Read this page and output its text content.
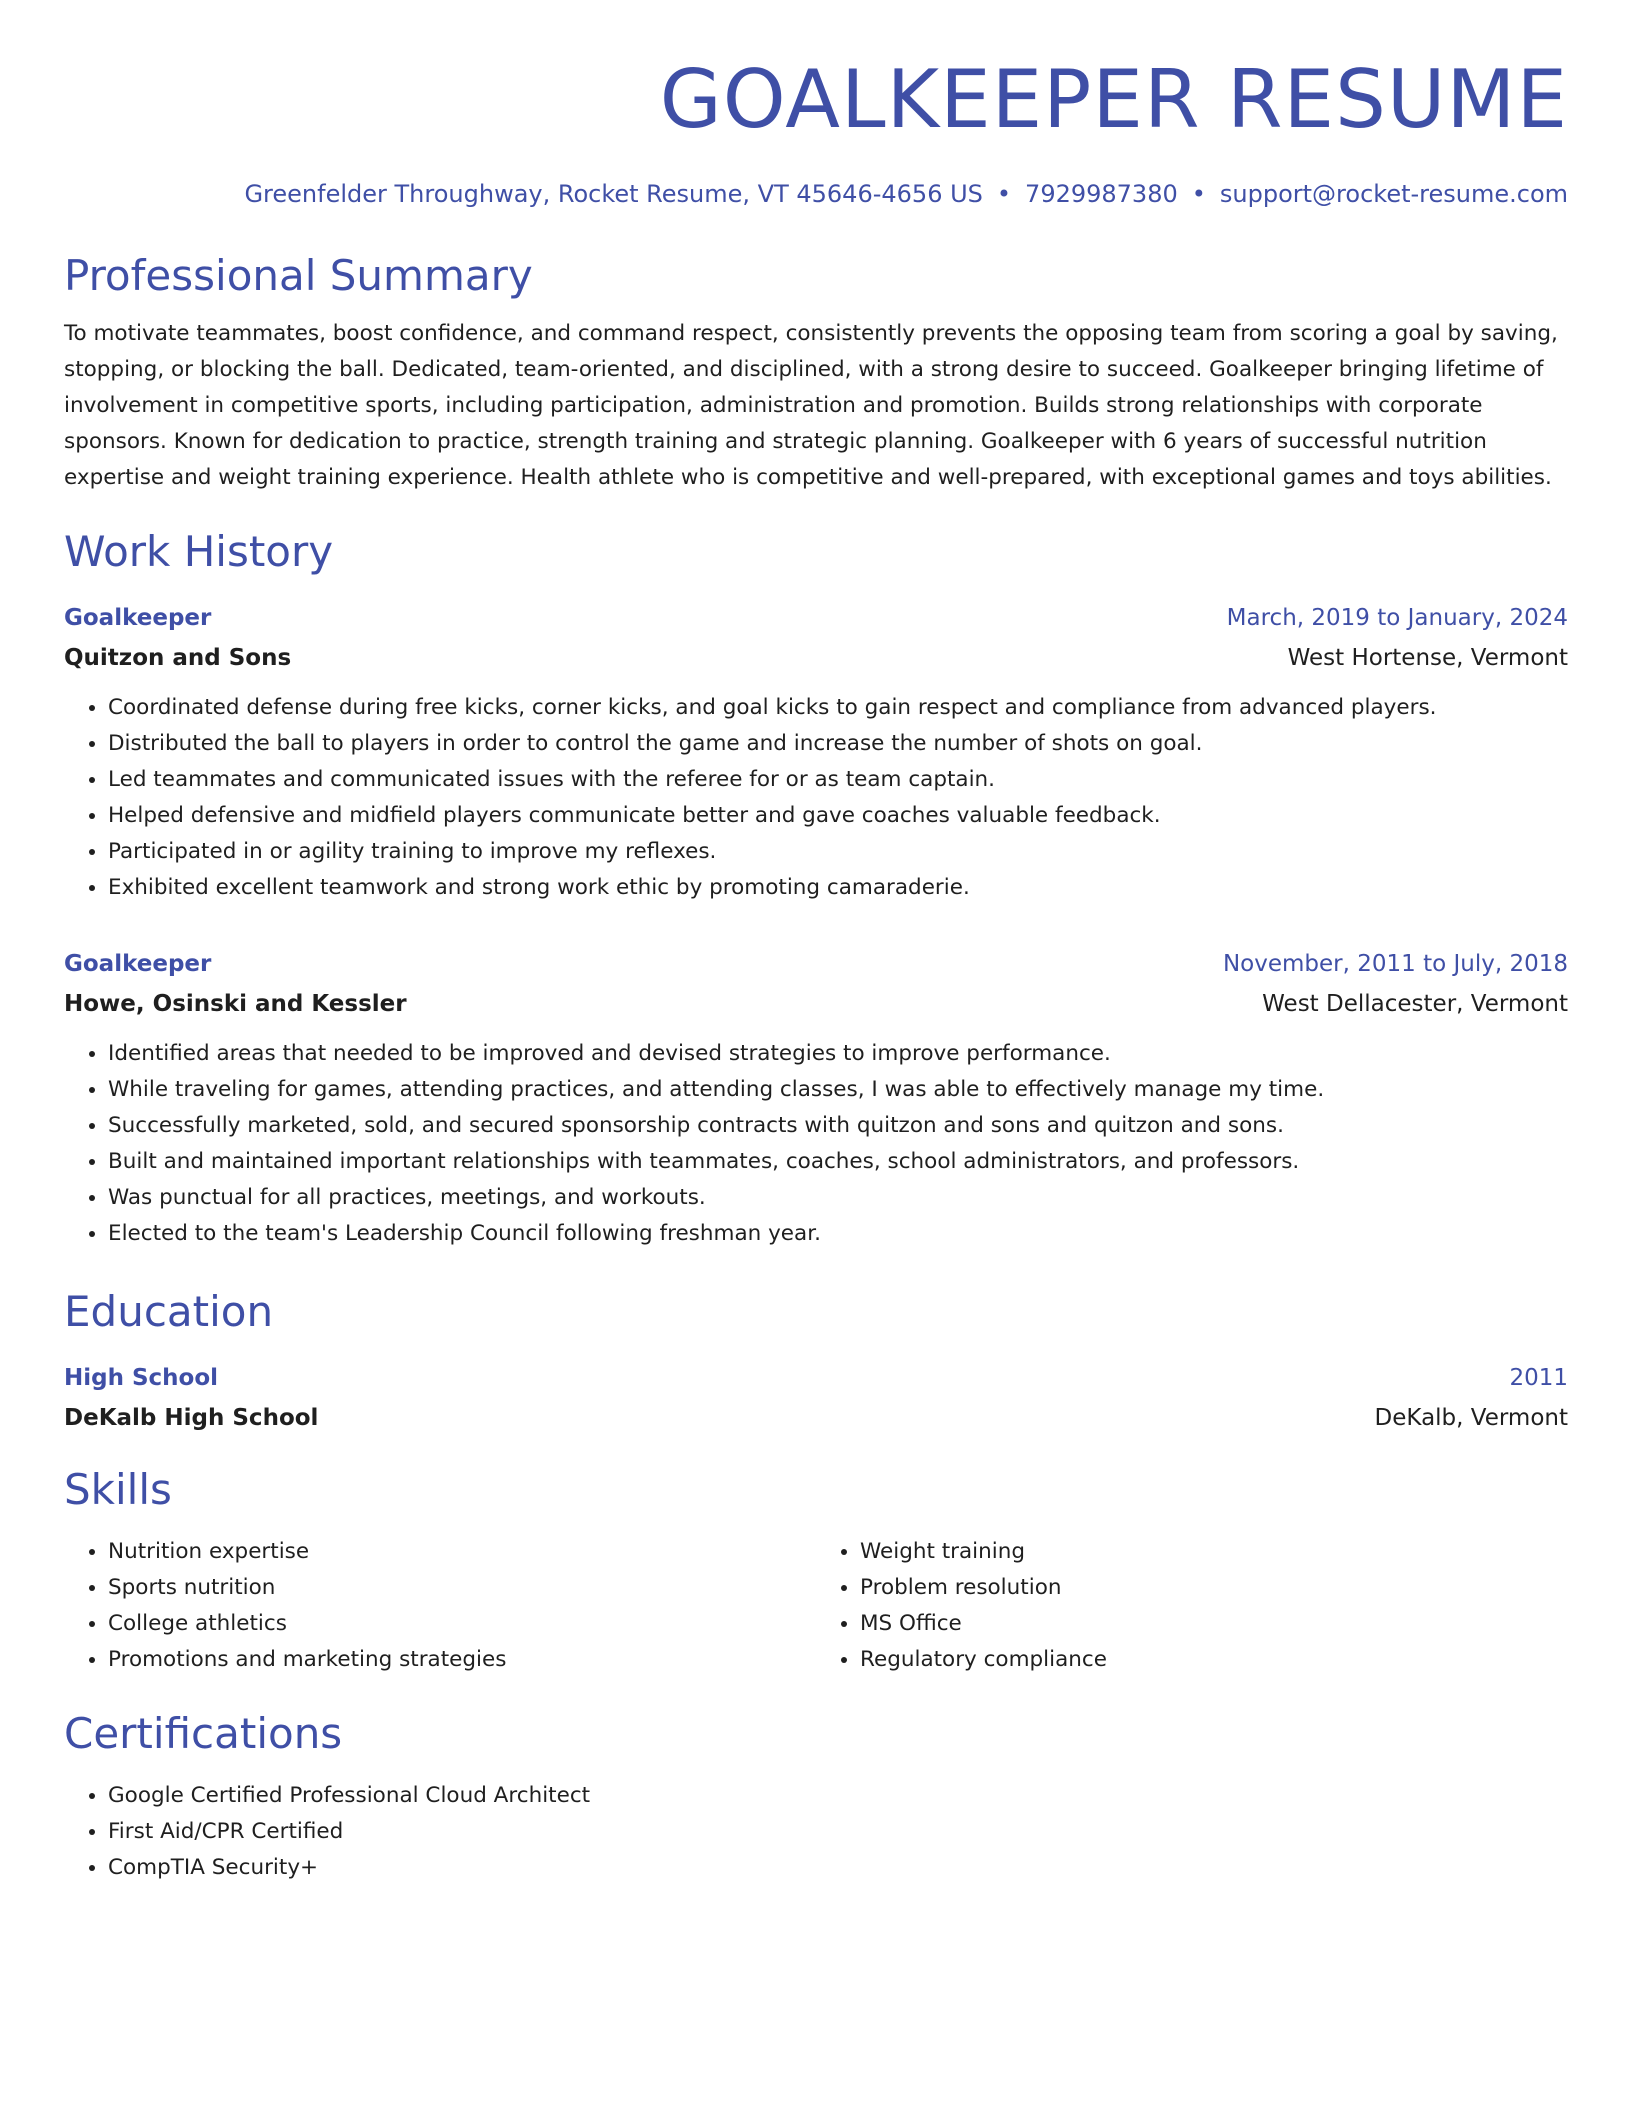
GOALKEEPER RESUME
Greenfelder Throughway, Rocket Resume, VT 45646-4656 US • 7929987380 • support@rocket-resume.com
Professional Summary
To motivate teammates, boost confidence, and command respect, consistently prevents the opposing team from scoring a goal by saving, stopping, or blocking the ball. Dedicated, team-oriented, and disciplined, with a strong desire to succeed. Goalkeeper bringing lifetime of involvement in competitive sports, including participation, administration and promotion. Builds strong relationships with corporate sponsors. Known for dedication to practice, strength training and strategic planning. Goalkeeper with 6 years of successful nutrition expertise and weight training experience. Health athlete who is competitive and well-prepared, with exceptional games and toys abilities.
Work History
Goalkeeper	March, 2019 to January, 2024
Quitzon and Sons	West Hortense, Vermont
• Coordinated defense during free kicks, corner kicks, and goal kicks to gain respect and compliance from advanced players.
• Distributed the ball to players in order to control the game and increase the number of shots on goal.
• Led teammates and communicated issues with the referee for or as team captain.
• Helped defensive and midfield players communicate better and gave coaches valuable feedback.
• Participated in or agility training to improve my reflexes.
• Exhibited excellent teamwork and strong work ethic by promoting camaraderie.
Goalkeeper	November, 2011 to July, 2018
Howe, Osinski and Kessler	West Dellacester, Vermont
• Identified areas that needed to be improved and devised strategies to improve performance.
• While traveling for games, attending practices, and attending classes, I was able to effectively manage my time.
• Successfully marketed, sold, and secured sponsorship contracts with quitzon and sons and quitzon and sons.
• Built and maintained important relationships with teammates, coaches, school administrators, and professors.
• Was punctual for all practices, meetings, and workouts.
• Elected to the team's Leadership Council following freshman year.
Education
High School	2011
DeKalb High School	DeKalb, Vermont
Skills
• Nutrition expertise
• Sports nutrition
• College athletics
• Promotions and marketing strategies
• Weight training
• Problem resolution
• MS Office
• Regulatory compliance
Certifications
• Google Certified Professional Cloud Architect
• First Aid/CPR Certified
• CompTIA Security+
